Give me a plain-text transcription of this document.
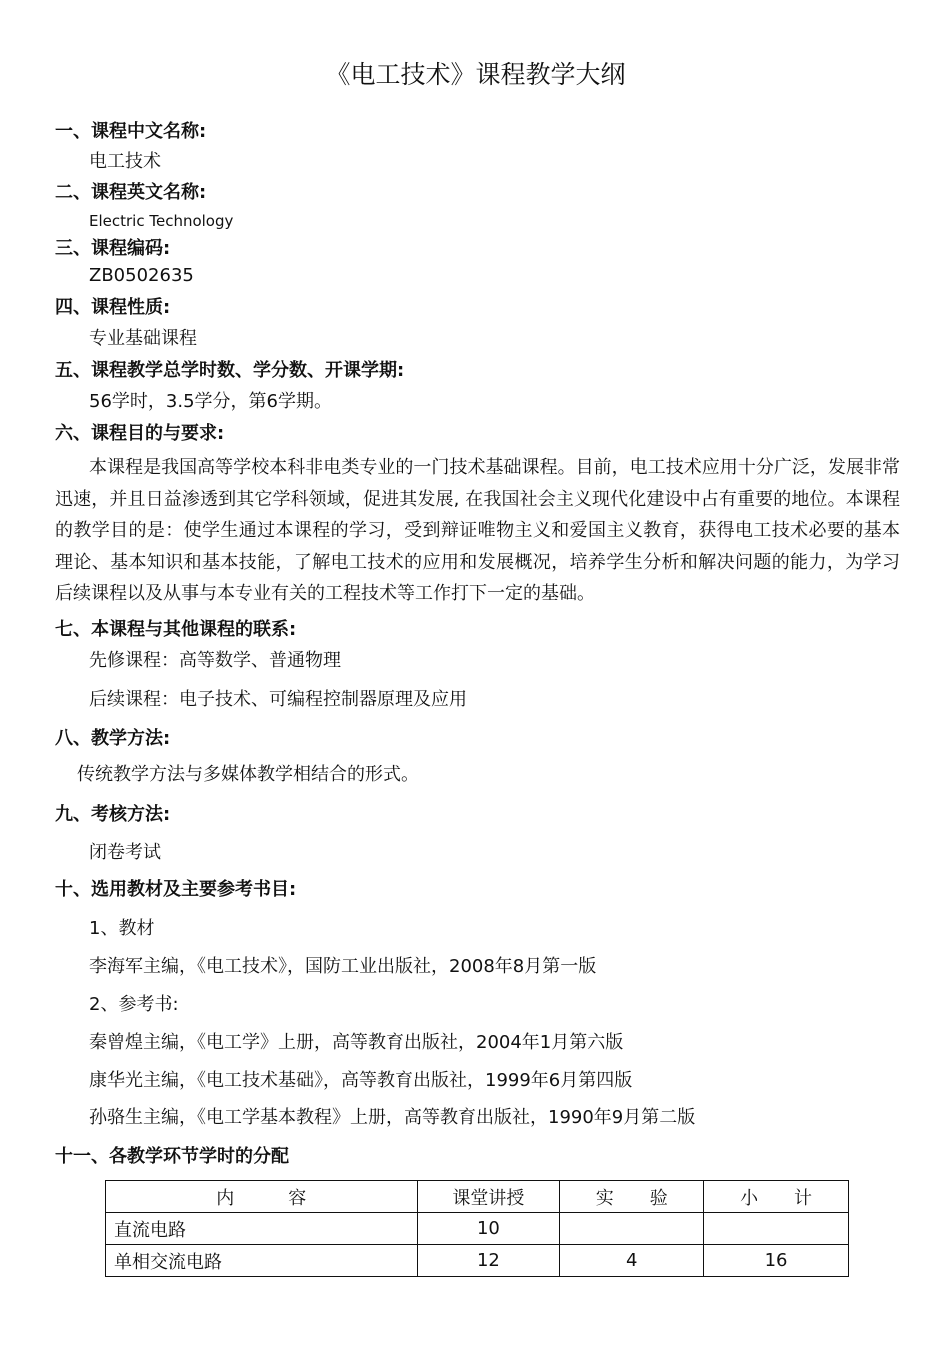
《电工技术》课程教学大纲
一、课程中文名称:
电工技术
二、课程英文名称:
Electric Technology
三、课程编码:
ZB0502635
四、课程性质:
专业基础课程
五、课程教学总学时数、学分数、开课学期:
56学时，3.5学分，第6学期。
六、课程目的与要求:
本课程是我国高等学校本科非电类专业的一门技术基础课程。目前，电工技术应用十分广泛，发展非常迅速，并且日益渗透到其它学科领域，促进其发展, 在我国社会主义现代化建设中占有重要的地位。本课程的教学目的是：使学生通过本课程的学习，受到辩证唯物主义和爱国主义教育，获得电工技术必要的基本理论、基本知识和基本技能，了解电工技术的应用和发展概况，培养学生分析和解决问题的能力，为学习后续课程以及从事与本专业有关的工程技术等工作打下一定的基础。
七、本课程与其他课程的联系:
先修课程：高等数学、普通物理
后续课程：电子技术、可编程控制器原理及应用
八、教学方法:
传统教学方法与多媒体教学相结合的形式。
九、考核方法:
闭卷考试
十、选用教材及主要参考书目:
1、教材
李海军主编，《电工技术》，国防工业出版社，2008年8月第一版
2、参考书:
秦曾煌主编，《电工学》上册，高等教育出版社，2004年1月第六版
康华光主编，《电工技术基础》，高等教育出版社，1999年6月第四版
孙骆生主编，《电工学基本教程》上册，高等教育出版社，1990年9月第二版
十一、各教学环节学时的分配
内　　　容	课堂讲授	实　　验	小　　计
直流电路	10		
单相交流电路	12	4	16
